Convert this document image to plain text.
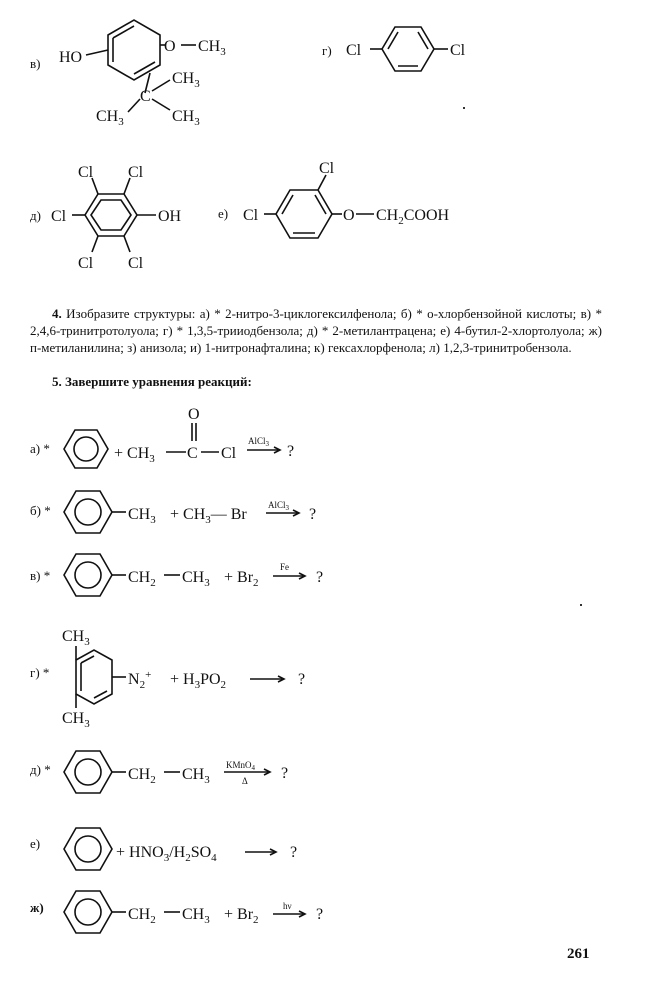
в) HO
O $CH_3$
C
$CH_3$
$CH_3$
$CH_3$
г) Cl	Cl
д)
Cl Cl
Cl	OH
Cl Cl
е)
Cl
Cl	O $CH_2COOH$
4. Изобразите структуры: а) * 2-нитро-3-циклогексилфенола; б) * о-хлорбензойной кислоты; в) * 2,4,6-тринитротолуола; г) * 1,3,5-трииодбензола; д) * 2-метилантрацена; е) 4-бутил-2-хлортолуола; ж) п-метиланилина; з) анизола; и) 1-нитронафталина; к) гексахлорфенола; л) 1,2,3-тринитробензола.
5. Завершите уравнения реакций:
а) *	+ $CH_3$ C
O
Cl
AlCl$_3$ ?
б) *	$CH_3$ + $CH_3—$ Br
AlCl$_3$ ?
в) *	$CH_2$ $CH_3 + Br_2$
Fe
?
г) *
$CH_3$
$CH_3$
$N_2^+ + H_3PO_2$	?
д) *	$CH_2$ $CH_3$
KMnO$_4$
Δ ?
е)
+ $HNO_3/H_2SO_4$	?
ж)	$CH_2$ $CH_3 + Br_2$
hν ?
261
